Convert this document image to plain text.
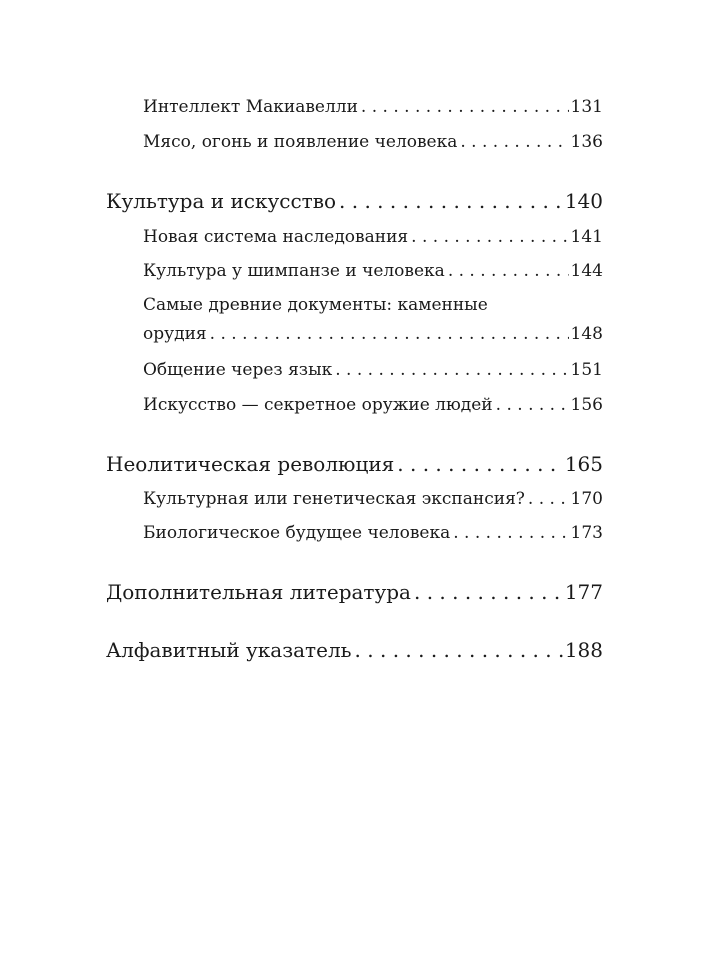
Интеллект Макиавелли . . .	131
Мясо, огонь и появление человека . . .	136
Культура и искусство . . .	140
Новая система наследования . . .	141
Культура у шимпанзе и человека . . .	144
Самые древние документы: каменные
орудия . . .	148
Общение через язык . . .	151
Искусство — секретное оружие людей . . .	156
Неолитическая революция . . .	165
Культурная или генетическая экспансия? . . .	170
Биологическое будущее человека . . .	173
Дополнительная литература . . .	177
Алфавитный указатель . . .	188
